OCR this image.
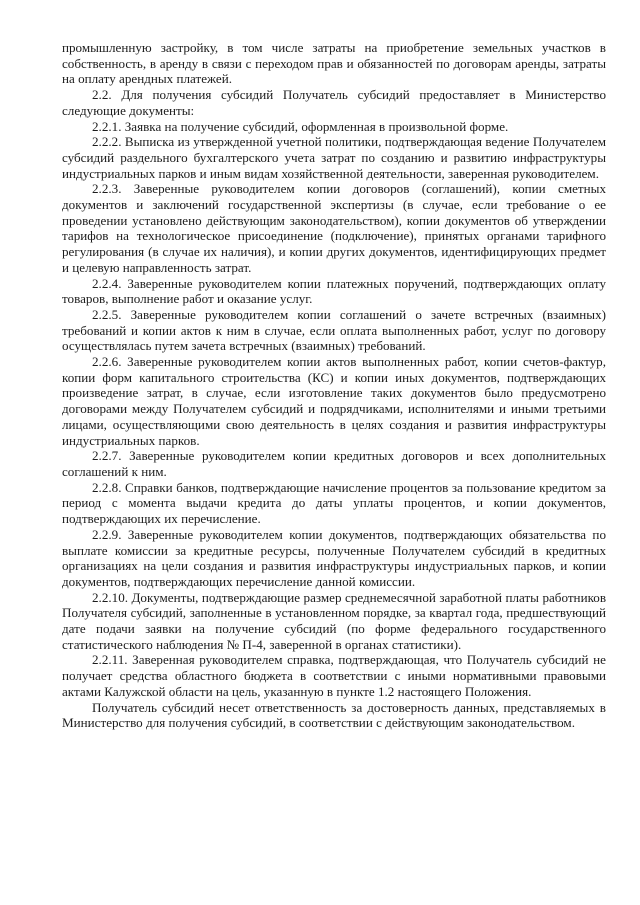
промышленную застройку, в том числе затраты на приобретение земельных участков в собственность, в аренду в связи с переходом прав и обязанностей по договорам аренды, затраты на оплату арендных платежей.

2.2. Для получения субсидий Получатель субсидий предоставляет в Министерство следующие документы:

2.2.1. Заявка на получение субсидий, оформленная в произвольной форме.

2.2.2. Выписка из утвержденной учетной политики, подтверждающая ведение Получателем субсидий раздельного бухгалтерского учета затрат по созданию и развитию инфраструктуры индустриальных парков и иным видам хозяйственной деятельности, заверенная руководителем.

2.2.3. Заверенные руководителем копии договоров (соглашений), копии сметных документов и заключений государственной экспертизы (в случае, если требование о ее проведении установлено действующим законодательством), копии документов об утверждении тарифов на технологическое присоединение (подключение), принятых органами тарифного регулирования (в случае их наличия), и копии других документов, идентифицирующих предмет и целевую направленность затрат.

2.2.4. Заверенные руководителем копии платежных поручений, подтверждающих оплату товаров, выполнение работ и оказание услуг.

2.2.5. Заверенные руководителем копии соглашений о зачете встречных (взаимных) требований и копии актов к ним в случае, если оплата выполненных работ, услуг по договору осуществлялась путем зачета встречных (взаимных) требований.

2.2.6. Заверенные руководителем копии актов выполненных работ, копии счетов-фактур, копии форм капитального строительства (КС) и копии иных документов, подтверждающих произведение затрат, в случае, если изготовление таких документов было предусмотрено договорами между Получателем субсидий и подрядчиками, исполнителями и иными третьими лицами, осуществляющими свою деятельность в целях создания и развития инфраструктуры индустриальных парков.

2.2.7. Заверенные руководителем копии кредитных договоров и всех дополнительных соглашений к ним.

2.2.8. Справки банков, подтверждающие начисление процентов за пользование кредитом за период с момента выдачи кредита до даты уплаты процентов, и копии документов, подтверждающих их перечисление.

2.2.9. Заверенные руководителем копии документов, подтверждающих обязательства по выплате комиссии за кредитные ресурсы, полученные Получателем субсидий в кредитных организациях на цели создания и развития инфраструктуры индустриальных парков, и копии документов, подтверждающих перечисление данной комиссии.

2.2.10. Документы, подтверждающие размер среднемесячной заработной платы работников Получателя субсидий, заполненные в установленном порядке, за квартал года, предшествующий дате подачи заявки на получение субсидий (по форме федерального государственного статистического наблюдения № П-4, заверенной в органах статистики).

2.2.11. Заверенная руководителем справка, подтверждающая, что Получатель субсидий не получает средства областного бюджета в соответствии с иными нормативными правовыми актами Калужской области на цель, указанную в пункте 1.2 настоящего Положения.

Получатель субсидий несет ответственность за достоверность данных, представляемых в Министерство для получения субсидий, в соответствии с действующим законодательством.
